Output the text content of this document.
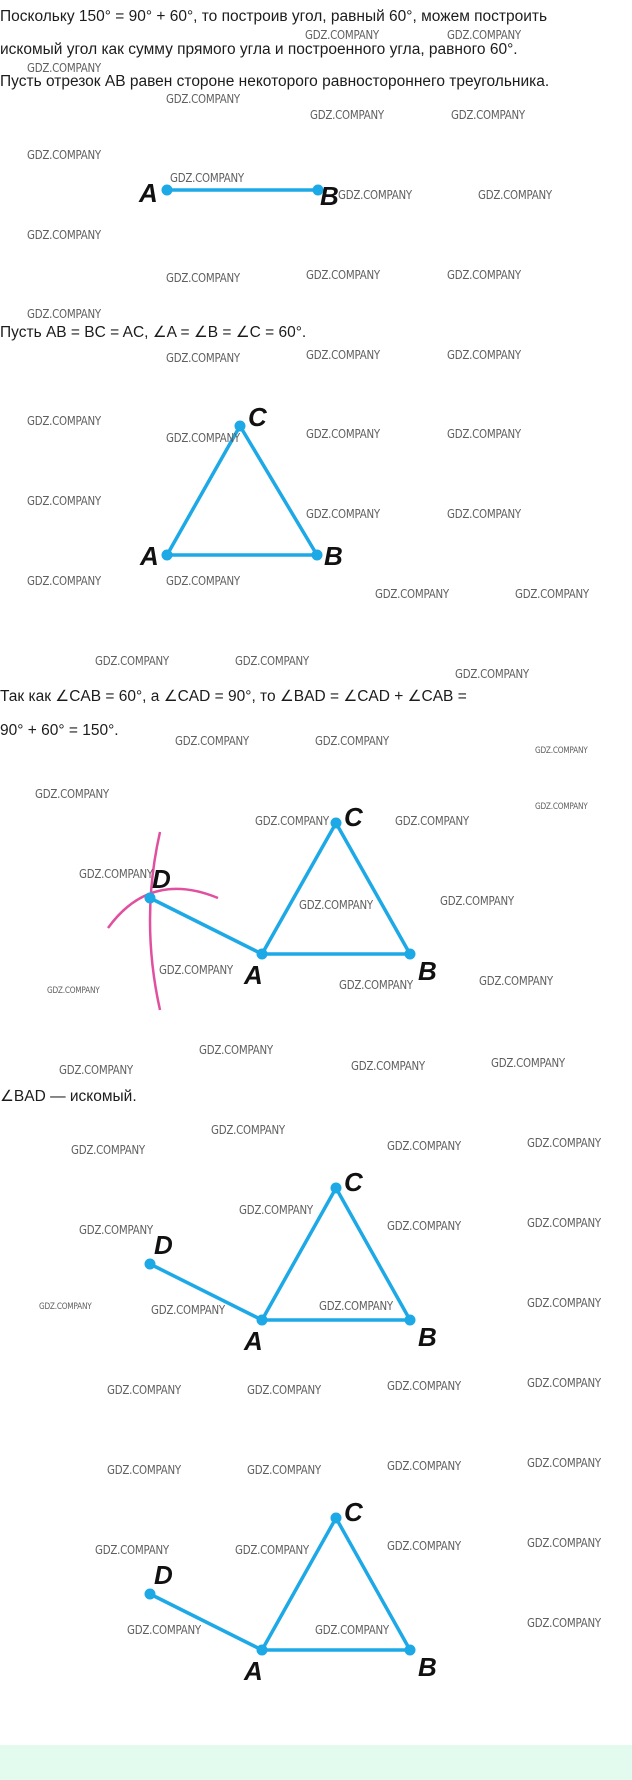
Поскольку 150° = 90° + 60°, то построив угол, равный 60°, можем построить

искомый угол как сумму прямого угла и построенного угла, равного 60°.

Пусть отрезок AB равен стороне некоторого равностороннего треугольника.

A	B

Пусть AB = BC = AC, ∠A = ∠B = ∠C = 60°.

A	B
C

Так как ∠CAB = 60°, а ∠CAD = 90°, то ∠BAD = ∠CAD + ∠CAB =

90° + 60° = 150°.

D
A	B
C

∠BAD — искомый.

D
A	B
C
D
A	B
C
GDZ.COMPANY	GDZ.COMPANY
GDZ.COMPANY
GDZ.COMPANY
GDZ.COMPANY	GDZ.COMPANY
GDZ.COMPANY
GDZ.COMPANY
GDZ.COMPANY	GDZ.COMPANY
GDZ.COMPANY
GDZ.COMPANY	GDZ.COMPANY	GDZ.COMPANY
GDZ.COMPANY
GDZ.COMPANY	GDZ.COMPANY	GDZ.COMPANY
GDZ.COMPANY
GDZ.COMPANY	GDZ.COMPANY	GDZ.COMPANY
GDZ.COMPANY
GDZ.COMPANY	GDZ.COMPANY
GDZ.COMPANY	GDZ.COMPANY
GDZ.COMPANY	GDZ.COMPANY
GDZ.COMPANY	GDZ.COMPANY
GDZ.COMPANY
GDZ.COMPANY	GDZ.COMPANY
GDZ.COMPANY
GDZ.COMPANY
GDZ.COMPANY
GDZ.COMPANY	GDZ.COMPANY
GDZ.COMPANY
GDZ.COMPANY
GDZ.COMPANY
GDZ.COMPANY
GDZ.COMPANY	GDZ.COMPANY
GDZ.COMPANY
GDZ.COMPANY
GDZ.COMPANY	GDZ.COMPANY	GDZ.COMPANY
GDZ.COMPANY
GDZ.COMPANY	GDZ.COMPANY	GDZ.COMPANY
GDZ.COMPANY
GDZ.COMPANY	GDZ.COMPANY	GDZ.COMPANY
GDZ.COMPANY	GDZ.COMPANY	GDZ.COMPANY	GDZ.COMPANY
GDZ.COMPANY	GDZ.COMPANY	GDZ.COMPANY	GDZ.COMPANY
GDZ.COMPANY	GDZ.COMPANY	GDZ.COMPANY	GDZ.COMPANY
GDZ.COMPANY	GDZ.COMPANY	GDZ.COMPANY	GDZ.COMPANY
GDZ.COMPANY	GDZ.COMPANY	GDZ.COMPANY
